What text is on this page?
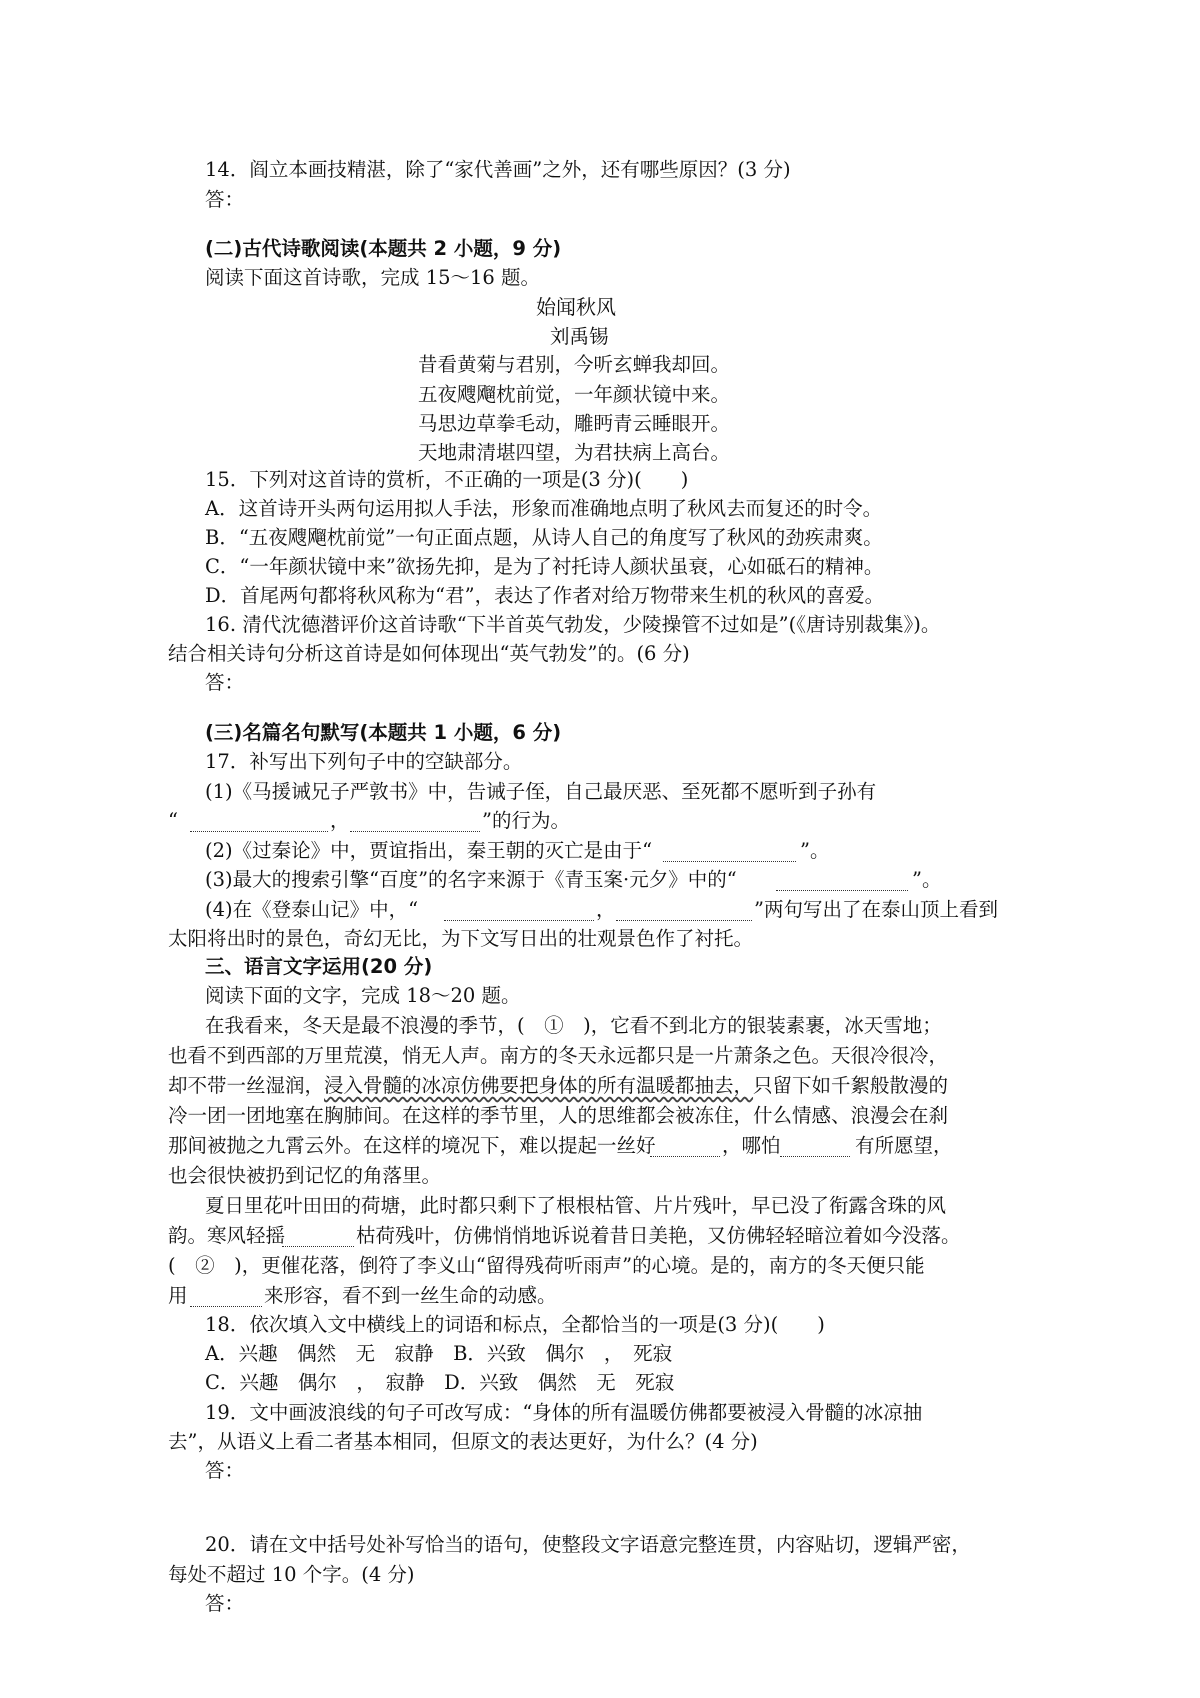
14．阎立本画技精湛，除了“家代善画”之外，还有哪些原因？(3 分)
答：
(二)古代诗歌阅读(本题共 2 小题，9 分)
阅读下面这首诗歌，完成 15～16 题。
始闻秋风
刘禹锡
昔看黄菊与君别，今听玄蝉我却回。
五夜飕飗枕前觉，一年颜状镜中来。
马思边草拳毛动，雕眄青云睡眼开。
天地肃清堪四望，为君扶病上高台。
15．下列对这首诗的赏析，不正确的一项是(3 分)(　　)
A．这首诗开头两句运用拟人手法，形象而准确地点明了秋风去而复还的时令。
B．“五夜飕飗枕前觉”一句正面点题，从诗人自己的角度写了秋风的劲疾肃爽。
C．“一年颜状镜中来”欲扬先抑，是为了衬托诗人颜状虽衰，心如砥石的精神。
D．首尾两句都将秋风称为“君”，表达了作者对给万物带来生机的秋风的喜爱。
16. 清代沈德潜评价这首诗歌“下半首英气勃发，少陵操管不过如是”(《唐诗别裁集》)。
结合相关诗句分析这首诗是如何体现出“英气勃发”的。(6 分)
答：
(三)名篇名句默写(本题共 1 小题，6 分)
17．补写出下列句子中的空缺部分。
(1)《马援诫兄子严敦书》中，告诫子侄，自己最厌恶、至死都不愿听到子孙有
“	，	”的行为。
(2)《过秦论》中，贾谊指出，秦王朝的灭亡是由于“	”。
(3)最大的搜索引擎“百度”的名字来源于《青玉案·元夕》中的“	”。
(4)在《登泰山记》中，“	，	”两句写出了在泰山顶上看到
太阳将出时的景色，奇幻无比，为下文写日出的壮观景色作了衬托。
三、语言文字运用(20 分)
阅读下面的文字，完成 18～20 题。
在我看来，冬天是最不浪漫的季节，(　①　)，它看不到北方的银装素裹，冰天雪地；
也看不到西部的万里荒漠，悄无人声。南方的冬天永远都只是一片萧条之色。天很冷很冷，
却不带一丝湿润，浸入骨髓的冰凉仿佛要把身体的所有温暖都抽去，只留下如千絮般散漫的
冷一团一团地塞在胸肺间。在这样的季节里，人的思维都会被冻住，什么情感、浪漫会在刹
那间被抛之九霄云外。在这样的境况下，难以提起一丝好	，哪怕	有所愿望，
也会很快被扔到记忆的角落里。
夏日里花叶田田的荷塘，此时都只剩下了根根枯管、片片残叶，早已没了衔露含珠的风
韵。寒风轻摇	枯荷残叶，仿佛悄悄地诉说着昔日美艳，又仿佛轻轻暗泣着如今没落。
(　②　)，更催花落，倒符了李义山“留得残荷听雨声”的心境。是的，南方的冬天便只能
用	来形容，看不到一丝生命的动感。
18．依次填入文中横线上的词语和标点，全都恰当的一项是(3 分)(　　)
A．兴趣　偶然　无　寂静　B．兴致　偶尔　，　死寂
C．兴趣　偶尔　，　寂静　D．兴致　偶然　无　死寂
19．文中画波浪线的句子可改写成：“身体的所有温暖仿佛都要被浸入骨髓的冰凉抽
去”，从语义上看二者基本相同，但原文的表达更好，为什么？(4 分)
答：
20．请在文中括号处补写恰当的语句，使整段文字语意完整连贯，内容贴切，逻辑严密，
每处不超过 10 个字。(4 分)
答：
